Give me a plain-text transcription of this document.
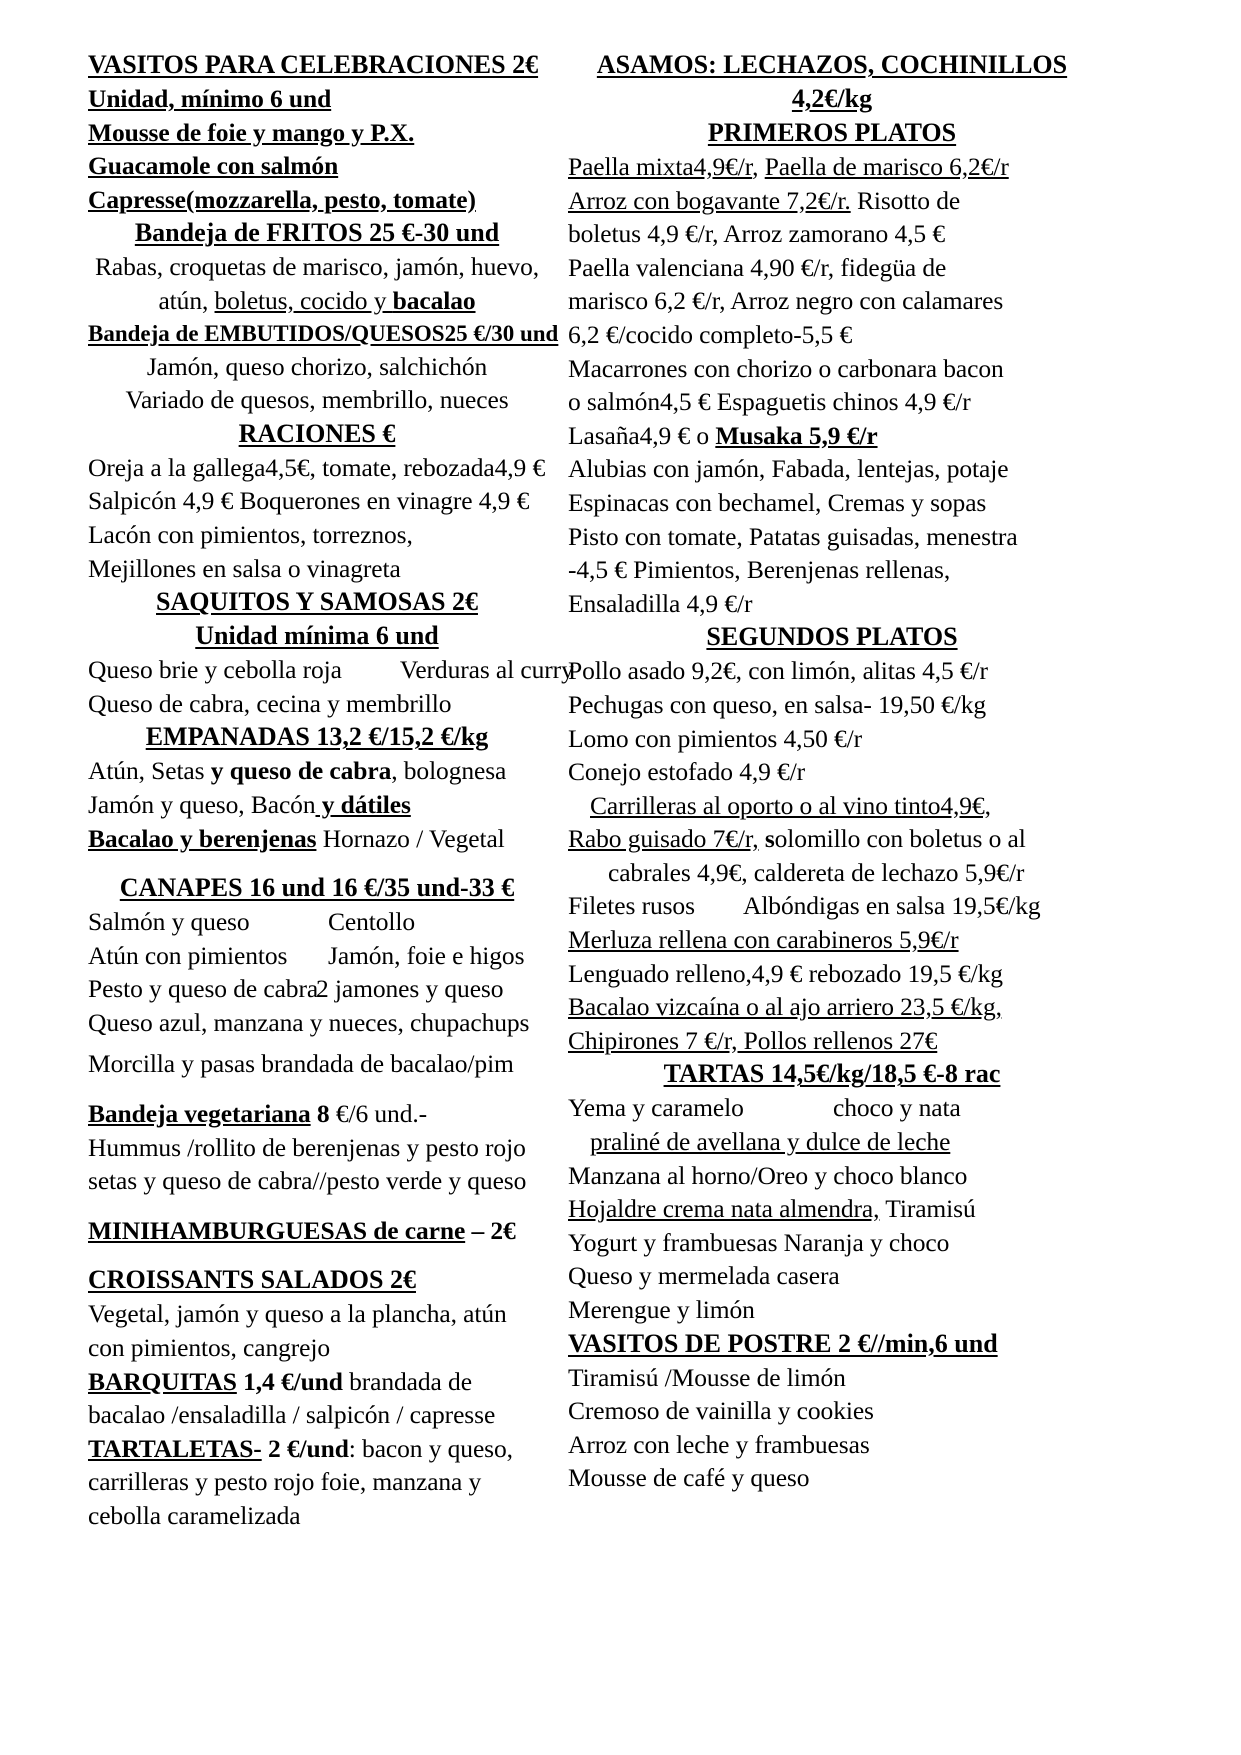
VASITOS PARA CELEBRACIONES 2€
Unidad, mínimo 6 und
Mousse de foie y mango y P.X.
Guacamole con salmón
Capresse(mozzarella, pesto, tomate)
Bandeja de FRITOS 25 €-30 und
Rabas, croquetas de marisco, jamón, huevo,
atún, boletus, cocido y bacalao
Bandeja de EMBUTIDOS/QUESOS25 €/30 und
Jamón, queso chorizo, salchichón
Variado de quesos, membrillo, nueces
RACIONES €
Oreja a la gallega4,5€, tomate, rebozada4,9 €
Salpicón 4,9 € Boquerones en vinagre 4,9 €
Lacón con pimientos, torreznos,
Mejillones en salsa o vinagreta
SAQUITOS Y SAMOSAS 2€
Unidad mínima 6 und
Queso brie y cebolla roja Verduras al curry
Queso de cabra, cecina y membrillo
EMPANADAS 13,2 €/15,2 €/kg
Atún, Setas y queso de cabra, bolognesa
Jamón y queso, Bacón y dátiles
Bacalao y berenjenas Hornazo / Vegetal
CANAPES 16 und 16 €/35 und-33 €
Salmón y queso	Centollo
Atún con pimientos Jamón, foie e higos
Pesto y queso de cabra2 jamones y queso
Queso azul, manzana y nueces, chupachups
Morcilla y pasas brandada de bacalao/pim
Bandeja vegetariana 8 €/6 und.-
Hummus /rollito de berenjenas y pesto rojo
setas y queso de cabra//pesto verde y queso
MINIHAMBURGUESAS de carne – 2€
CROISSANTS SALADOS 2€
Vegetal, jamón y queso a la plancha, atún
con pimientos, cangrejo
BARQUITAS 1,4 €/und brandada de
bacalao /ensaladilla / salpicón / capresse
TARTALETAS- 2 €/und: bacon y queso,
carrilleras y pesto rojo foie, manzana y
cebolla caramelizada
ASAMOS: LECHAZOS, COCHINILLOS
4,2€/kg
PRIMEROS PLATOS
Paella mixta4,9€/r, Paella de marisco 6,2€/r
Arroz con bogavante 7,2€/r. Risotto de
boletus 4,9 €/r, Arroz zamorano 4,5 €
Paella valenciana 4,90 €/r, fidegüa de
marisco 6,2 €/r, Arroz negro con calamares
6,2 €/cocido completo-5,5 €
Macarrones con chorizo o carbonara bacon
o salmón4,5 € Espaguetis chinos 4,9 €/r
Lasaña4,9 € o Musaka 5,9 €/r
Alubias con jamón, Fabada, lentejas, potaje
Espinacas con bechamel, Cremas y sopas
Pisto con tomate, Patatas guisadas, menestra
-4,5 € Pimientos, Berenjenas rellenas,
Ensaladilla 4,9 €/r
SEGUNDOS PLATOS
Pollo asado 9,2€, con limón, alitas 4,5 €/r
Pechugas con queso, en salsa- 19,50 €/kg
Lomo con pimientos 4,50 €/r
Conejo estofado 4,9 €/r
Carrilleras al oporto o al vino tinto4,9€,
Rabo guisado 7€/r, solomillo con boletus o al
cabrales 4,9€, caldereta de lechazo 5,9€/r
Filetes rusos Albóndigas en salsa 19,5€/kg
Merluza rellena con carabineros 5,9€/r
Lenguado relleno,4,9 € rebozado 19,5 €/kg
Bacalao vizcaína o al ajo arriero 23,5 €/kg,
Chipirones 7 €/r, Pollos rellenos 27€
TARTAS 14,5€/kg/18,5 €-8 rac
Yema y caramelo	choco y nata
praliné de avellana y dulce de leche
Manzana al horno/Oreo y choco blanco
Hojaldre crema nata almendra, Tiramisú
Yogurt y frambuesas Naranja y choco
Queso y mermelada casera
Merengue y limón
VASITOS DE POSTRE 2 €//min,6 und
Tiramisú /Mousse de limón
Cremoso de vainilla y cookies
Arroz con leche y frambuesas
Mousse de café y queso
